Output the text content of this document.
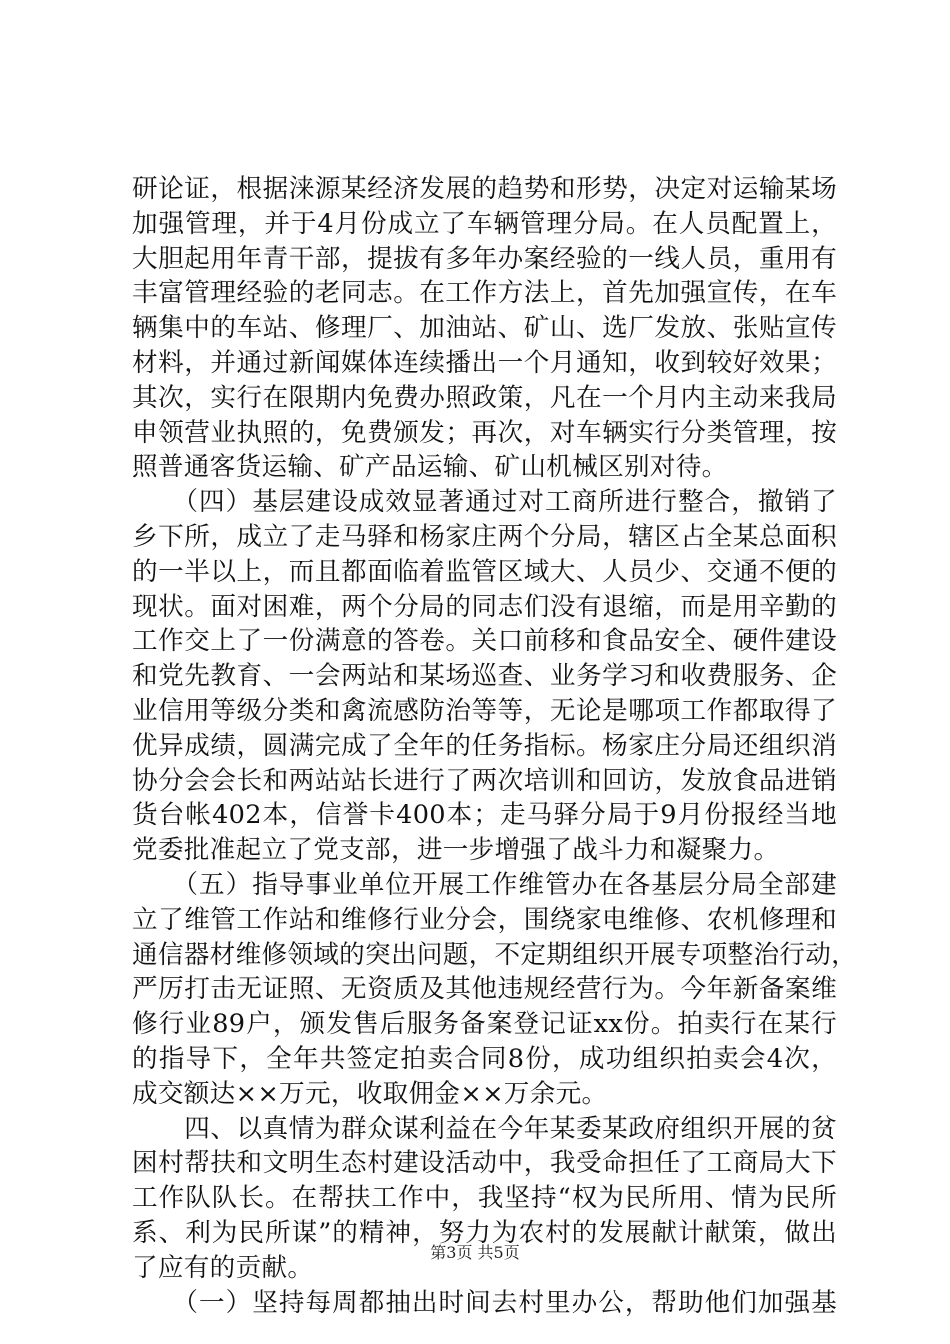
研论证，根据涞源某经济发展的趋势和形势，决定对运输某场
加强管理，并于4月份成立了车辆管理分局。在人员配置上，
大胆起用年青干部，提拔有多年办案经验的一线人员，重用有
丰富管理经验的老同志。在工作方法上，首先加强宣传，在车
辆集中的车站、修理厂、加油站、矿山、选厂发放、张贴宣传
材料，并通过新闻媒体连续播出一个月通知，收到较好效果；
其次，实行在限期内免费办照政策，凡在一个月内主动来我局
申领营业执照的，免费颁发；再次，对车辆实行分类管理，按
照普通客货运输、矿产品运输、矿山机械区别对待。
　　（四）基层建设成效显著通过对工商所进行整合，撤销了
乡下所，成立了走马驿和杨家庄两个分局，辖区占全某总面积
的一半以上，而且都面临着监管区域大、人员少、交通不便的
现状。面对困难，两个分局的同志们没有退缩，而是用辛勤的
工作交上了一份满意的答卷。关口前移和食品安全、硬件建设
和党先教育、一会两站和某场巡查、业务学习和收费服务、企
业信用等级分类和禽流感防治等等，无论是哪项工作都取得了
优异成绩，圆满完成了全年的任务指标。杨家庄分局还组织消
协分会会长和两站站长进行了两次培训和回访，发放食品进销
货台帐402本，信誉卡400本；走马驿分局于9月份报经当地
党委批准起立了党支部，进一步增强了战斗力和凝聚力。
　　（五）指导事业单位开展工作维管办在各基层分局全部建
立了维管工作站和维修行业分会，围绕家电维修、农机修理和
通信器材维修领域的突出问题，不定期组织开展专项整治行动，
严厉打击无证照、无资质及其他违规经营行为。今年新备案维
修行业89户，颁发售后服务备案登记证xx份。拍卖行在某行
的指导下，全年共签定拍卖合同8份，成功组织拍卖会4次，
成交额达××万元，收取佣金××万余元。
　　四、以真情为群众谋利益在今年某委某政府组织开展的贫
困村帮扶和文明生态村建设活动中，我受命担任了工商局大下
工作队队长。在帮扶工作中，我坚持“权为民所用、情为民所
系、利为民所谋”的精神，努力为农村的发展献计献策，做出
了应有的贡献。
　　（一）坚持每周都抽出时间去村里办公，帮助他们加强基
第3页 共5页
